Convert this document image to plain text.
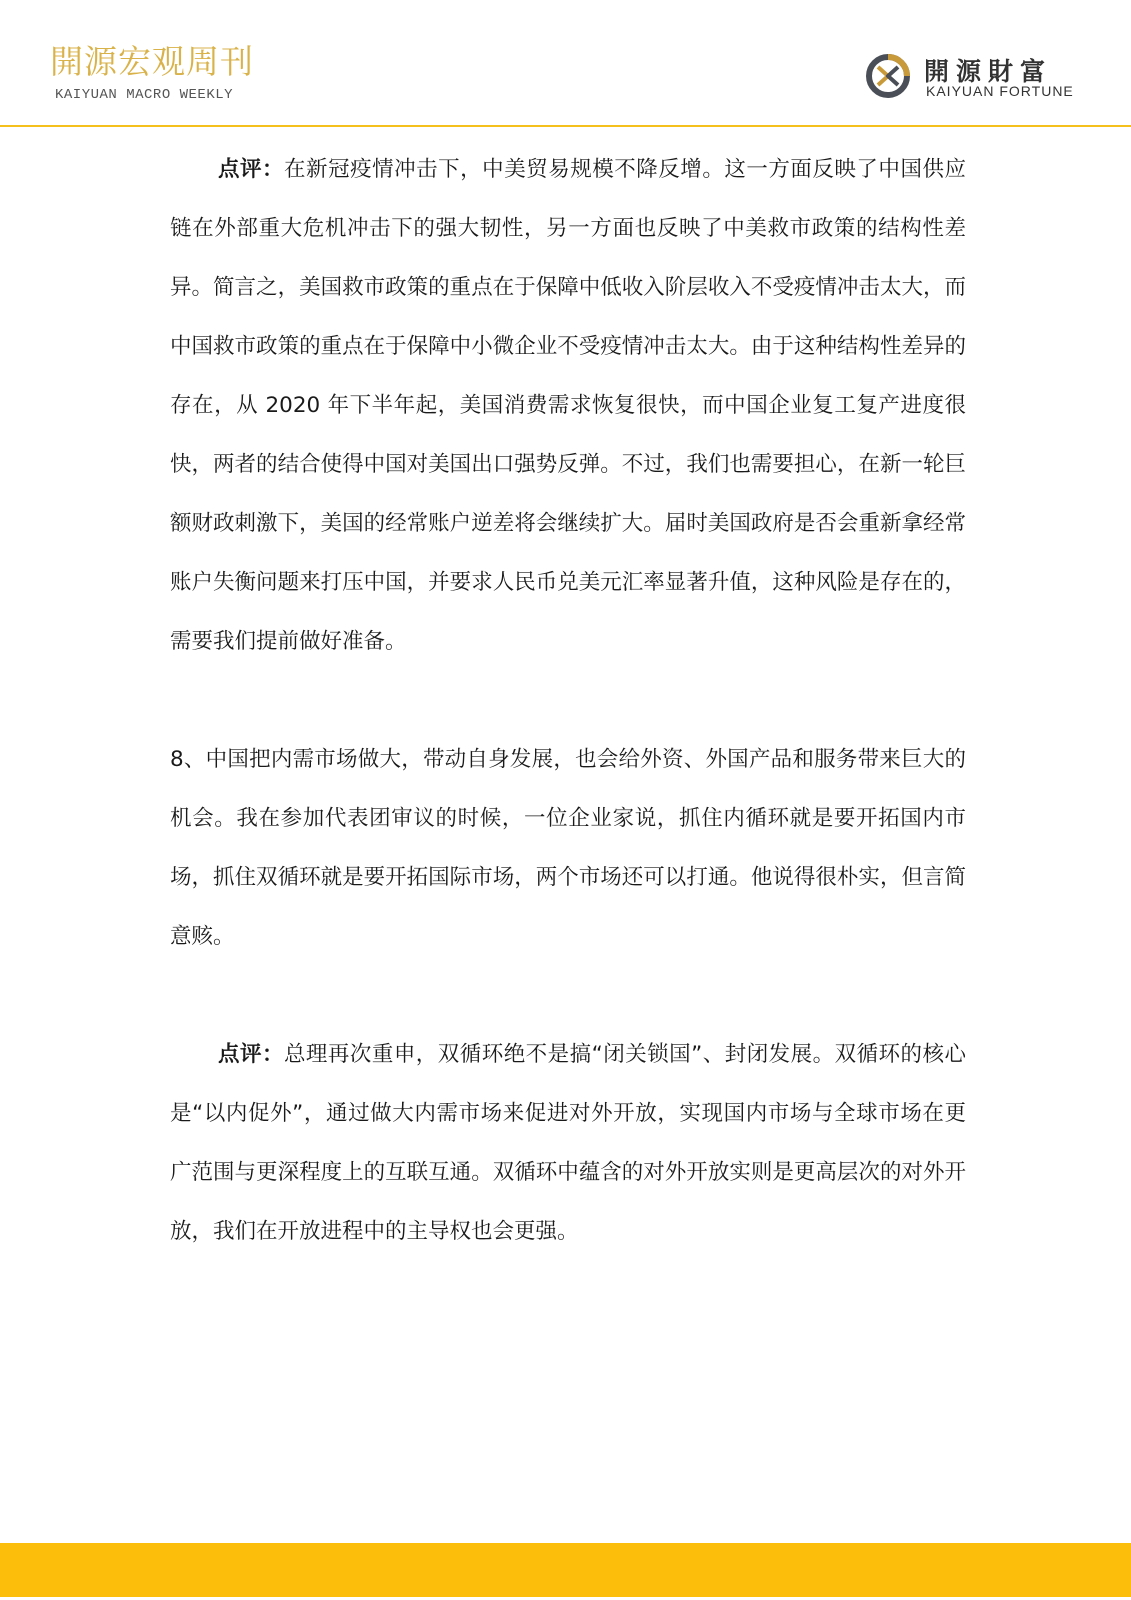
開源宏观周刊
KAIYUAN MACRO WEEKLY
開源財富
KAIYUAN FORTUNE

点评：在新冠疫情冲击下，中美贸易规模不降反增。这一方面反映了中国供应链在外部重大危机冲击下的强大韧性，另一方面也反映了中美救市政策的结构性差异。简言之，美国救市政策的重点在于保障中低收入阶层收入不受疫情冲击太大，而中国救市政策的重点在于保障中小微企业不受疫情冲击太大。由于这种结构性差异的存在，从 2020 年下半年起，美国消费需求恢复很快，而中国企业复工复产进度很快，两者的结合使得中国对美国出口强势反弹。不过，我们也需要担心，在新一轮巨额财政刺激下，美国的经常账户逆差将会继续扩大。届时美国政府是否会重新拿经常账户失衡问题来打压中国，并要求人民币兑美元汇率显著升值，这种风险是存在的，需要我们提前做好准备。

8、中国把内需市场做大，带动自身发展，也会给外资、外国产品和服务带来巨大的机会。我在参加代表团审议的时候，一位企业家说，抓住内循环就是要开拓国内市场，抓住双循环就是要开拓国际市场，两个市场还可以打通。他说得很朴实，但言简意赅。

点评：总理再次重申，双循环绝不是搞“闭关锁国”、封闭发展。双循环的核心是“以内促外”，通过做大内需市场来促进对外开放，实现国内市场与全球市场在更广范围与更深程度上的互联互通。双循环中蕴含的对外开放实则是更高层次的对外开放，我们在开放进程中的主导权也会更强。
